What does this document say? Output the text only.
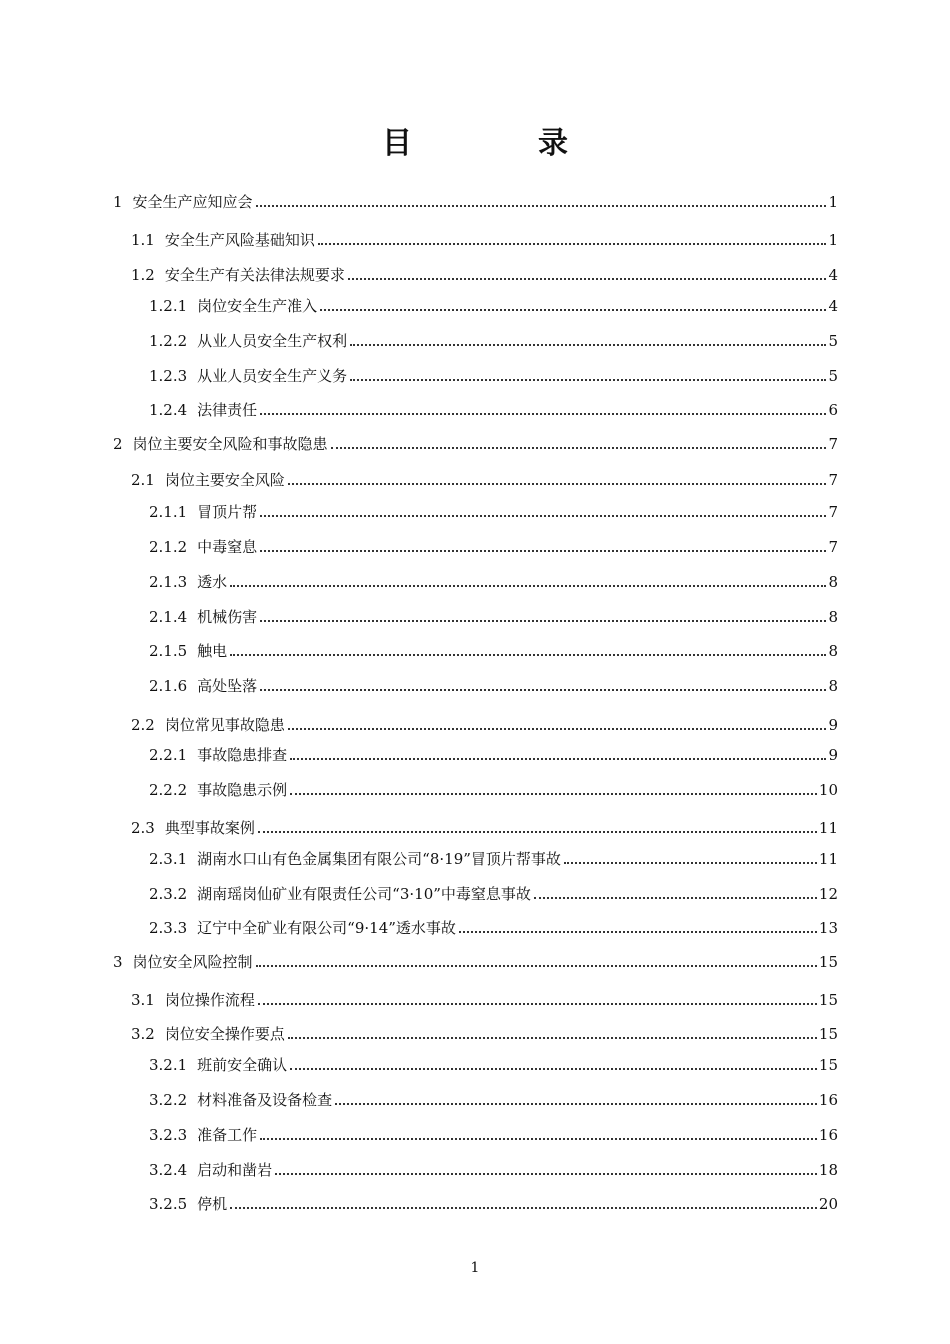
目　录
1 安全生产应知应会	1
1.1 安全生产风险基础知识	1
1.2 安全生产有关法律法规要求	4
1.2.1 岗位安全生产准入	4
1.2.2 从业人员安全生产权利	5
1.2.3 从业人员安全生产义务	5
1.2.4 法律责任	6
2 岗位主要安全风险和事故隐患	7
2.1 岗位主要安全风险	7
2.1.1 冒顶片帮	7
2.1.2 中毒窒息	7
2.1.3 透水	8
2.1.4 机械伤害	8
2.1.5 触电	8
2.1.6 高处坠落	8
2.2 岗位常见事故隐患	9
2.2.1 事故隐患排查	9
2.2.2 事故隐患示例	10
2.3 典型事故案例	11
2.3.1 湖南水口山有色金属集团有限公司“8·19”冒顶片帮事故	11
2.3.2 湖南瑶岗仙矿业有限责任公司“3·10”中毒窒息事故	12
2.3.3 辽宁中全矿业有限公司“9·14”透水事故	13
3 岗位安全风险控制	15
3.1 岗位操作流程	15
3.2 岗位安全操作要点	15
3.2.1 班前安全确认	15
3.2.2 材料准备及设备检查	16
3.2.3 准备工作	16
3.2.4 启动和凿岩	18
3.2.5 停机	20
1
